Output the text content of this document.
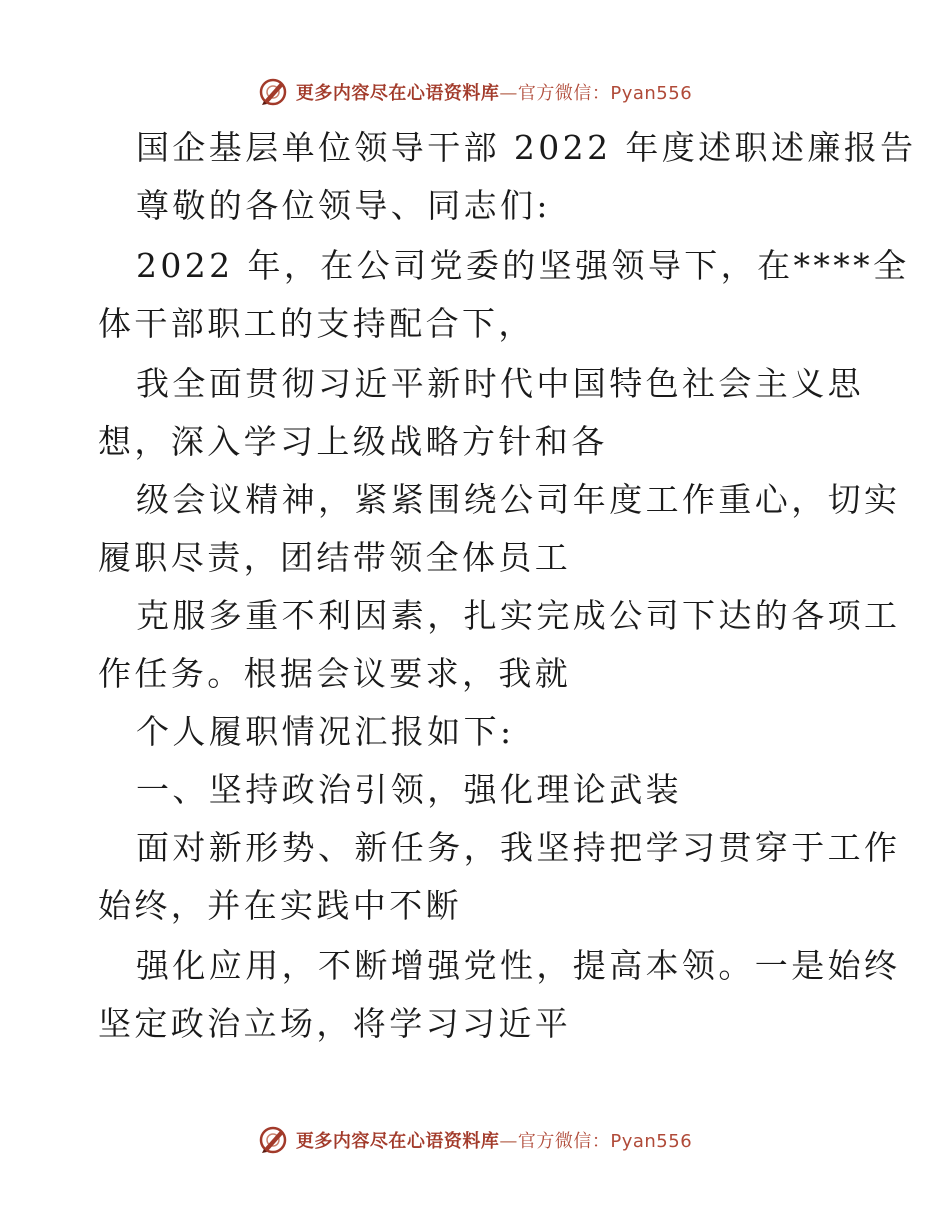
更多内容尽在心语资料库—官方微信：Pyan556
国企基层单位领导干部 2022 年度述职述廉报告
尊敬的各位领导、同志们:
2022 年，在公司党委的坚强领导下，在****全
体干部职工的支持配合下，
我全面贯彻习近平新时代中国特色社会主义思
想，深入学习上级战略方针和各
级会议精神，紧紧围绕公司年度工作重心，切实
履职尽责，团结带领全体员工
克服多重不利因素，扎实完成公司下达的各项工
作任务。根据会议要求，我就
个人履职情况汇报如下:
一、坚持政治引领，强化理论武装
面对新形势、新任务，我坚持把学习贯穿于工作
始终，并在实践中不断
强化应用，不断增强党性，提高本领。一是始终
坚定政治立场，将学习习近平
更多内容尽在心语资料库—官方微信：Pyan556
